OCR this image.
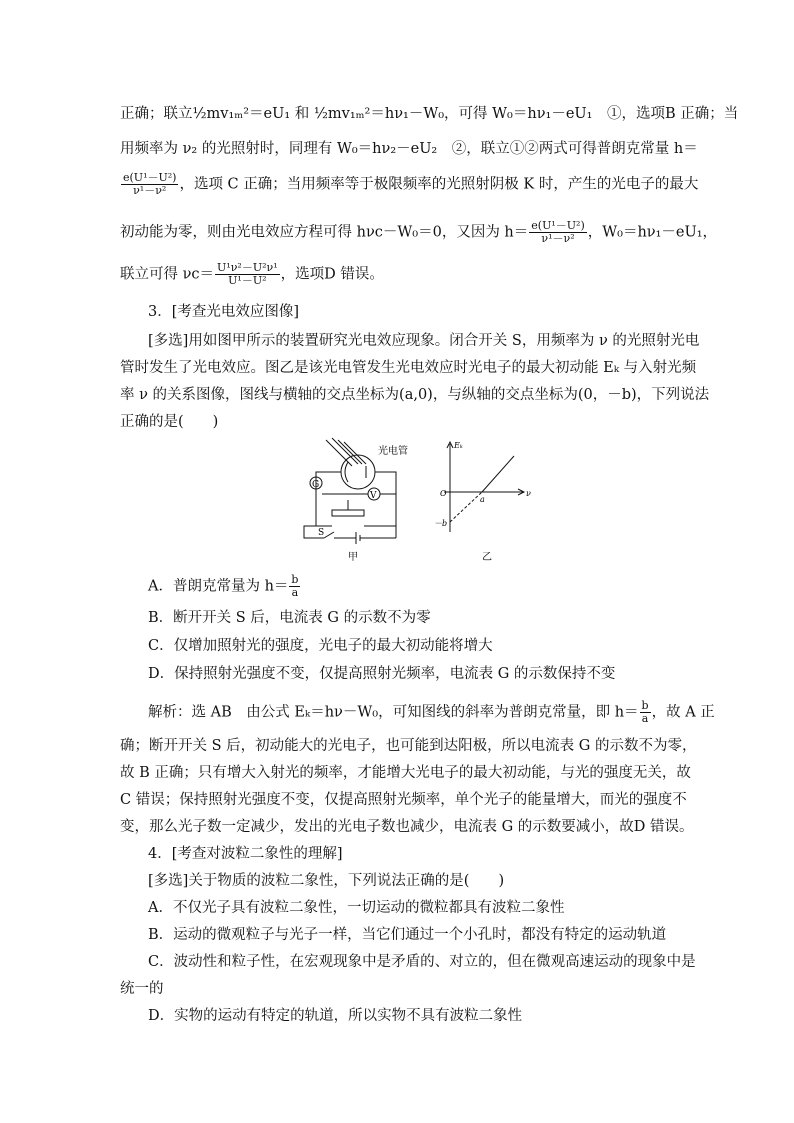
正确；联立½mv₁ₘ²＝eU₁ 和 ½mv₁ₘ²＝hν₁－W₀，可得 W₀＝hν₁－eU₁　①，选项B 正确；当
用频率为 ν₂ 的光照射时，同理有 W₀＝hν₂－eU₂　②，联立①②两式可得普朗克常量 h＝
$\frac{\text{e(U¹－U²)}}{\text{ν¹－ν²}}$ ，选项 C 正确；当用频率等于极限频率的光照射阴极 K 时，产生的光电子的最大
初动能为零，则由光电效应方程可得 hνc－W₀＝0，又因为 $h= \frac{\text{e(U¹－U²)}}{\text{ν¹－ν²}}$ ，W₀＝hν₁－eU₁，
联立可得 $\nu c= \frac{\text{U¹ν²－U²ν¹}}{\text{U¹－U²}}$ ，选项D 错误。
3．[考查光电效应图像]
[多选]用如图甲所示的装置研究光电效应现象。闭合开关 S，用频率为 ν 的光照射光电
管时发生了光电效应。图乙是该光电管发生光电效应时光电子的最大初动能 Eₖ 与入射光频
率 ν 的关系图像，图线与横轴的交点坐标为(a,0)，与纵轴的交点坐标为(0，－b)，下列说法
正确的是(　　)
光电管
G
V
S
甲
Eₖ
O
a
ν
－b
乙
A．普朗克常量为 $h= \frac{b}{a}$
B．断开开关 S 后，电流表 G 的示数不为零
C．仅增加照射光的强度，光电子的最大初动能将增大
D．保持照射光强度不变，仅提高照射光频率，电流表 G 的示数保持不变
解析：选 AB　由公式 Eₖ＝hν－W₀，可知图线的斜率为普朗克常量，即 $h= \frac{b}{a}$ ，故 A 正
确；断开开关 S 后，初动能大的光电子，也可能到达阳极，所以电流表 G 的示数不为零，
故 B 正确；只有增大入射光的频率，才能增大光电子的最大初动能，与光的强度无关，故
C 错误；保持照射光强度不变，仅提高照射光频率，单个光子的能量增大，而光的强度不
变，那么光子数一定减少，发出的光电子数也减少，电流表 G 的示数要减小，故D 错误。
4．[考查对波粒二象性的理解]
[多选]关于物质的波粒二象性，下列说法正确的是(　　)
A．不仅光子具有波粒二象性，一切运动的微粒都具有波粒二象性
B．运动的微观粒子与光子一样，当它们通过一个小孔时，都没有特定的运动轨道
C．波动性和粒子性，在宏观现象中是矛盾的、对立的，但在微观高速运动的现象中是
统一的
D．实物的运动有特定的轨道，所以实物不具有波粒二象性
